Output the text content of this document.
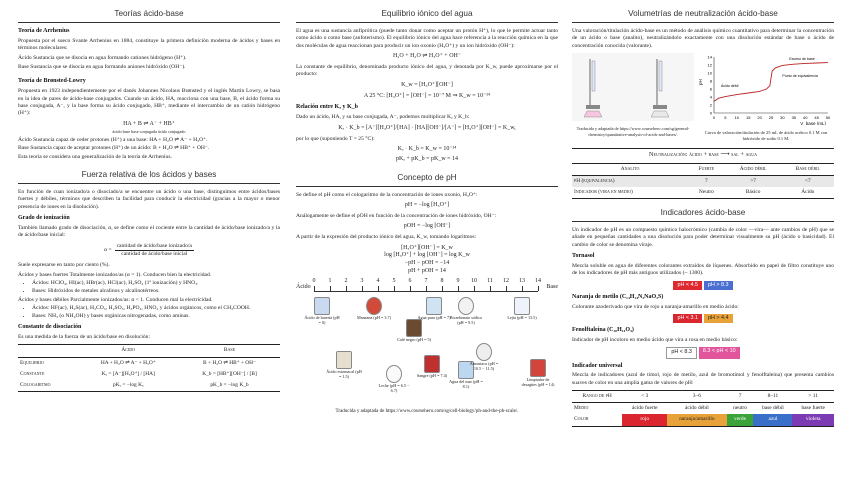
Teorías ácido-base
Teoría de Arrhenius

Propuesta por el sueco Svante Arrhenius en 1884, constituye la primera definición moderna de ácidos y bases en términos moleculares:

Ácido Sustancia que se disocia en agua formando cationes hidrógeno (H⁺).

Base Sustancia que se disocia en agua formando aniones hidróxido (OH⁻).

Teoría de Brønsted-Lowry

Propuesta en 1923 independientemente por el danés Johannes Nicolaus Brønsted y el inglés Martin Lowry, se basa en la idea de pares de ácido-base conjugados. Cuando un ácido, HA, reacciona con una base, B, el ácido forma su base conjugada, A⁻, y la base forma su ácido conjugado, HB⁺, mediante el intercambio de un catión hidrógeno (H⁺):

HA + B ⇌ A⁻ + HB⁺
ácido base base conjugada ácido conjugado

Ácido Sustancia capaz de ceder protones (H⁺) a una base: HA + H₂O ⇌ A⁻ + H₃O⁺.

Base Sustancia capaz de aceptar protones (H⁺) de un ácido: B + H₂O ⇌ HB⁺ + OH⁻.

Esta teoría se considera una generalización de la teoría de Arrhenius.

Fuerza relativa de los ácidos y bases

En función de cuan ionizado/a o disociado/a se encuentre un ácido o una base, distinguimos entre ácidos/bases fuertes y débiles, términos que describen la facilidad para conducir la electricidad (gracias a la mayor o menor presencia de iones en la disolución).

Grado de ionización

También llamado grado de disociación, α, se define como el cociente entre la cantidad de ácido/base ionizado/a y la de ácido/base inicial:

α =
cantidad de ácido/base ionizado/a
cantidad de ácido/base inicial

Suele expresarse en tanto por ciento (%).

Ácidos y bases fuertes Totalmente ionizados/as (α = 1). Conducen bien la electricidad.

• Ácidos: HClO₄, HI(ac), HBr(ac), HCl(ac), H₂SO₄ (1ª ionización) y HNO₃.
• Bases: Hidróxidos de metales alcalinos y alcalinotérreos.

Ácidos y bases débiles Parcialmente ionizados/as: α < 1. Conducen mal la electricidad.

• Ácidos: HF(ac), H₂S(ac), H₂CO₃, H₂SO₃, H₃PO₄, HNO₂ y ácidos orgánicos, como el CH₃COOH.
• Bases: NH₃ (o NH₄OH) y bases orgánicas nitrogenadas, como aminas.
Constante de disociación

Es una medida de la fuerza de un ácido/base en disolución:

	Ácido	Base
Equilibrio	HA + H₂O ⇌ A⁻ + H₃O⁺	B + H₂O ⇌ HB⁺ + OH⁻
Constante	Kₐ = [A⁻][H₃O⁺] / [HA]	K_b = [HB⁺][OH⁻] / [B]
Cologaritmo	pKₐ = −log Kₐ	pK_b = −log K_b
Equilibrio iónico del agua

El agua es una sustancia anfiprótica (puede tanto donar como aceptar un protón H⁺), lo que le permite actuar tanto como ácido o como base (anfoterismo). El equilibrio iónico del agua hace referencia a la reacción química en la que dos moléculas de agua reaccionan para producir un ion oxonio (H₃O⁺) y un ion hidróxido (OH⁻):

H₂O + H₂O ⇌ H₃O⁺ + OH⁻

La constante de equilibrio, denominada producto iónico del agua, y denotada por K_w, puede aproximarse por el producto:

K_w = [H₃O⁺][OH⁻]
A 25 °C: [H₃O⁺] = [OH⁻] = 10⁻⁷ M ⇒ K_w = 10⁻¹⁴
Relación entre Kₐ y K_b

Dado un ácido, HA, y su base conjugada, A⁻, podemos multiplicar Kₐ y K_b:

Kₐ · K_b = [A⁻][H₃O⁺]/[HA] · [HA][OH⁻]/[A⁻] = [H₃O⁺][OH⁻] = K_w,

por lo que (suponiendo T = 25 °C):

Kₐ · K_b = K_w = 10⁻¹⁴
pKₐ + pK_b = pK_w = 14
Concepto de pH

Se define el pH como el cologaritmo de la concentración de iones oxonio, H₃O⁺:

pH = −log [H₃O⁺]

Análogamente se define el pOH en función de la concentración de iones hidróxido, OH⁻:

pOH = −log [OH⁻]

A partir de la expresión del producto iónico del agua, K_w, tomando logaritmos:

[H₃O⁺][OH⁻] = K_w
log [H₃O⁺] + log [OH⁻] = log K_w
−pH − pOH = −14
pH + pOH = 14
Ácido	Base
0 1 2 3 4 5 6 7 8 9 10 11 12 13 14
Ácido de batería (pH = 0)
Manzana (pH = 3.7)
Café negro (pH = 5)
Agua pura (pH = 7) Bicarbonato sódico (pH = 9.5)
Lejía (pH = 13.5)
Ácido estomacal (pH = 1.5)
Leche (pH = 6.5 − 6.7)
Sangre (pH = 7.4)
Agua del mar (pH = 8.1)
Amoniaco (pH = 10.5 − 11.5)
Limpiador de desagües (pH = 14)
Traducida y adaptada de https://www.coursehero.com/sg/cell-biology/ph-and-the-ph-scale/.
Volumetrías de neutralización ácido-base

Una valoración/titulación ácido-base es un método de análisis químico cuantitativo para determinar la concentración de un ácido o base (analito), neutralizándolo exactamente con una disolución estándar de base o ácido de concentración conocida (valorante).

Traducida y adaptada de https://www.coursehero.com/sg/general-chemistry/quantitative-analysis-of-acids-and-bases/.
0 5 10 15 20 25 30 35 40 45 50
0
2
4
6
8
10
12
14
pH
V_base (mL)
Exceso de base
Punto de equivalencia
Ácido débil
Curva de valoración/titulación de 25 mL de ácido acético 0.1 M con hidróxido de sodio 0.1 M.
Neutralización: ácido + base ⟶ sal + agua
Analito	Fuerte	Ácido débil	Base débil
pH (equivalencia)	7	>7	<7
Indicador (vira en medio)	Neutro	Básico	Ácido
Indicadores ácido-base

Un indicador de pH es un compuesto químico halocrómico (cambia de color —vira— ante cambios de pH) que se añade en pequeñas cantidades a una disolución para poder determinar visualmente su pH (ácido o basicidad). El cambio de color se denomina viraje.

Tornasol

Mezcla soluble en agua de diferentes colorantes extraídos de líquenes. Absorbido en papel de filtro constituye uno de los indicadores de pH más antiguos utilizados (~ 1300).

pH < 4.5	pH > 8.3
Naranja de metilo (C₁₄H₁₄N₃NaO₃S)

Colorante azoderivado que vira de rojo a naranja-amarillo en medio ácido:

pH < 3.1	pH > 4.4
Fenolftaleína (C₂₀H₁₄O₄)

Indicador de pH incoloro en medio ácido que vira a rosa en medio básico:

pH < 8.3	8.3 < pH < 10
Indicador universal

Mezcla de indicadores (azul de timol, rojo de metilo, azul de bromotimol y fenolftaleína) que presenta cambios suaves de color en una amplia gama de valores de pH:

Rango de pH	< 3	3–6	7	8–11	> 11
Medio	ácido fuerte	ácido débil	neutro	base débil	base fuerte
Color	rojo	naranja/amarillo	verde	azul	violeta
